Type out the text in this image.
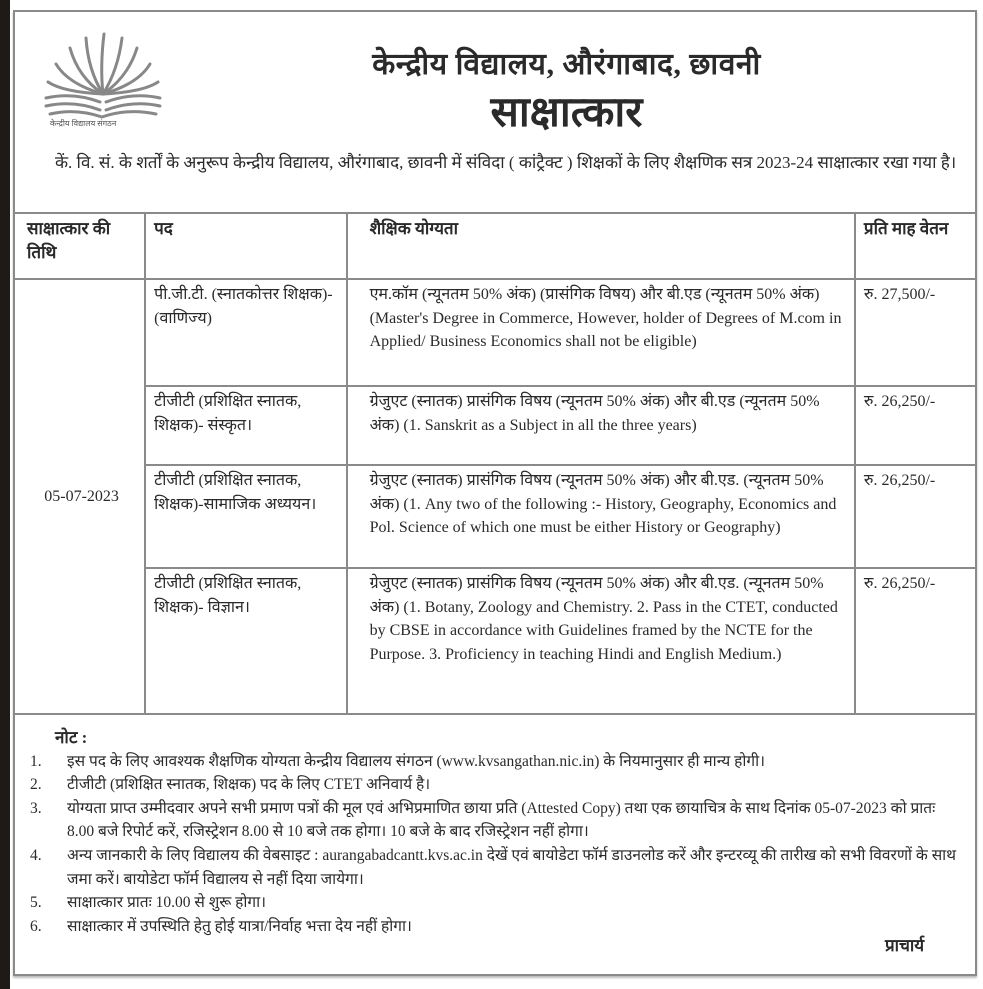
केन्द्रीय विद्यालय संगठन
केन्द्रीय विद्यालय, औरंगाबाद, छावनी
साक्षात्कार
कें. वि. सं. के शर्तों के अनुरूप केन्द्रीय विद्यालय, औरंगाबाद, छावनी में संविदा ( कांट्रैक्ट ) शिक्षकों के लिए शैक्षणिक सत्र 2023-24 साक्षात्कार रखा गया है।
साक्षात्कार की तिथि	पद	शैक्षिक योग्यता	प्रति माह वेतन
05-07-2023	पी.जी.टी. (स्नातकोत्तर शिक्षक)- (वाणिज्य)	एम.कॉम (न्यूनतम 50% अंक) (प्रासंगिक विषय) और बी.एड (न्यूनतम 50% अंक) (Master's Degree in Commerce, However, holder of Degrees of M.com in Applied/ Business Economics shall not be eligible)	रु. 27,500/-
	टीजीटी (प्रशिक्षित स्नातक, शिक्षक)- संस्कृत।	ग्रेजुएट (स्नातक) प्रासंगिक विषय (न्यूनतम 50% अंक) और बी.एड (न्यूनतम 50% अंक) (1. Sanskrit as a Subject in all the three years)	रु. 26,250/-
	टीजीटी (प्रशिक्षित स्नातक, शिक्षक)-सामाजिक अध्ययन।	ग्रेजुएट (स्नातक) प्रासंगिक विषय (न्यूनतम 50% अंक) और बी.एड. (न्यूनतम 50% अंक) (1. Any two of the following :- History, Geography, Economics and Pol. Science of which one must be either History or Geography)	रु. 26,250/-
	टीजीटी (प्रशिक्षित स्नातक, शिक्षक)- विज्ञान।	ग्रेजुएट (स्नातक) प्रासंगिक विषय (न्यूनतम 50% अंक) और बी.एड. (न्यूनतम 50% अंक) (1. Botany, Zoology and Chemistry. 2. Pass in the CTET, conducted by CBSE in accordance with Guidelines framed by the NCTE for the Purpose. 3. Proficiency in teaching Hindi and English Medium.)	रु. 26,250/-
नोट :
1.	इस पद के लिए आवश्यक शैक्षणिक योग्यता केन्द्रीय विद्यालय संगठन (www.kvsangathan.nic.in) के नियमानुसार ही मान्य होगी।
2.	टीजीटी (प्रशिक्षित स्नातक, शिक्षक) पद के लिए CTET अनिवार्य है।
3.	योग्यता प्राप्त उम्मीदवार अपने सभी प्रमाण पत्रों की मूल एवं अभिप्रमाणित छाया प्रति (Attested Copy) तथा एक छायाचित्र के साथ दिनांक 05-07-2023 को प्रातः 8.00 बजे रिपोर्ट करें, रजिस्ट्रेशन 8.00 से 10 बजे तक होगा। 10 बजे के बाद रजिस्ट्रेशन नहीं होगा।
4.	अन्य जानकारी के लिए विद्यालय की वेबसाइट : aurangabadcantt.kvs.ac.in देखें एवं बायोडेटा फॉर्म डाउनलोड करें और इन्टरव्यू की तारीख को सभी विवरणों के साथ जमा करें। बायोडेटा फॉर्म विद्यालय से नहीं दिया जायेगा।
5.	साक्षात्कार प्रातः 10.00 से शुरू होगा।
6.	साक्षात्कार में उपस्थिति हेतु होई यात्रा/निर्वाह भत्ता देय नहीं होगा।
प्राचार्य
